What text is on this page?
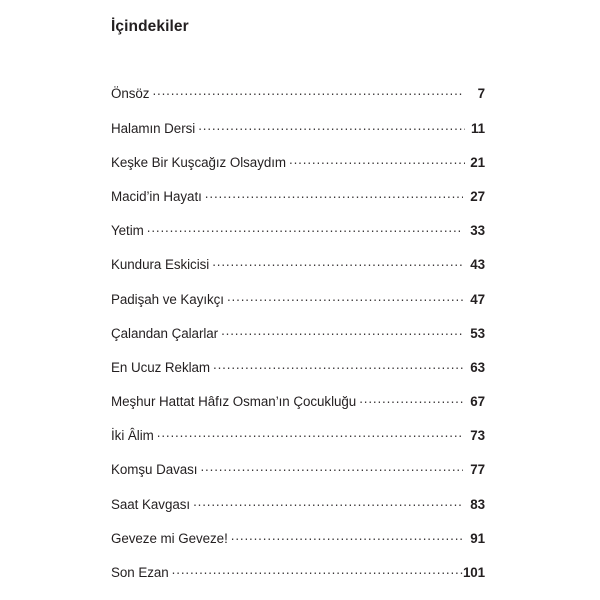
İçindekiler
Önsöz .....	7
Halamın Dersi .....	11
Keşke Bir Kuşcağız Olsaydım .....	21
Macid’in Hayatı .....	27
Yetim .....	33
Kundura Eskicisi .....	43
Padişah ve Kayıkçı .....	47
Çalandan Çalarlar .....	53
En Ucuz Reklam .....	63
Meşhur Hattat Hâfız Osman’ın Çocukluğu .....	67
İki Âlim .....	73
Komşu Davası .....	77
Saat Kavgası .....	83
Geveze mi Geveze! .....	91
Son Ezan .....	101
